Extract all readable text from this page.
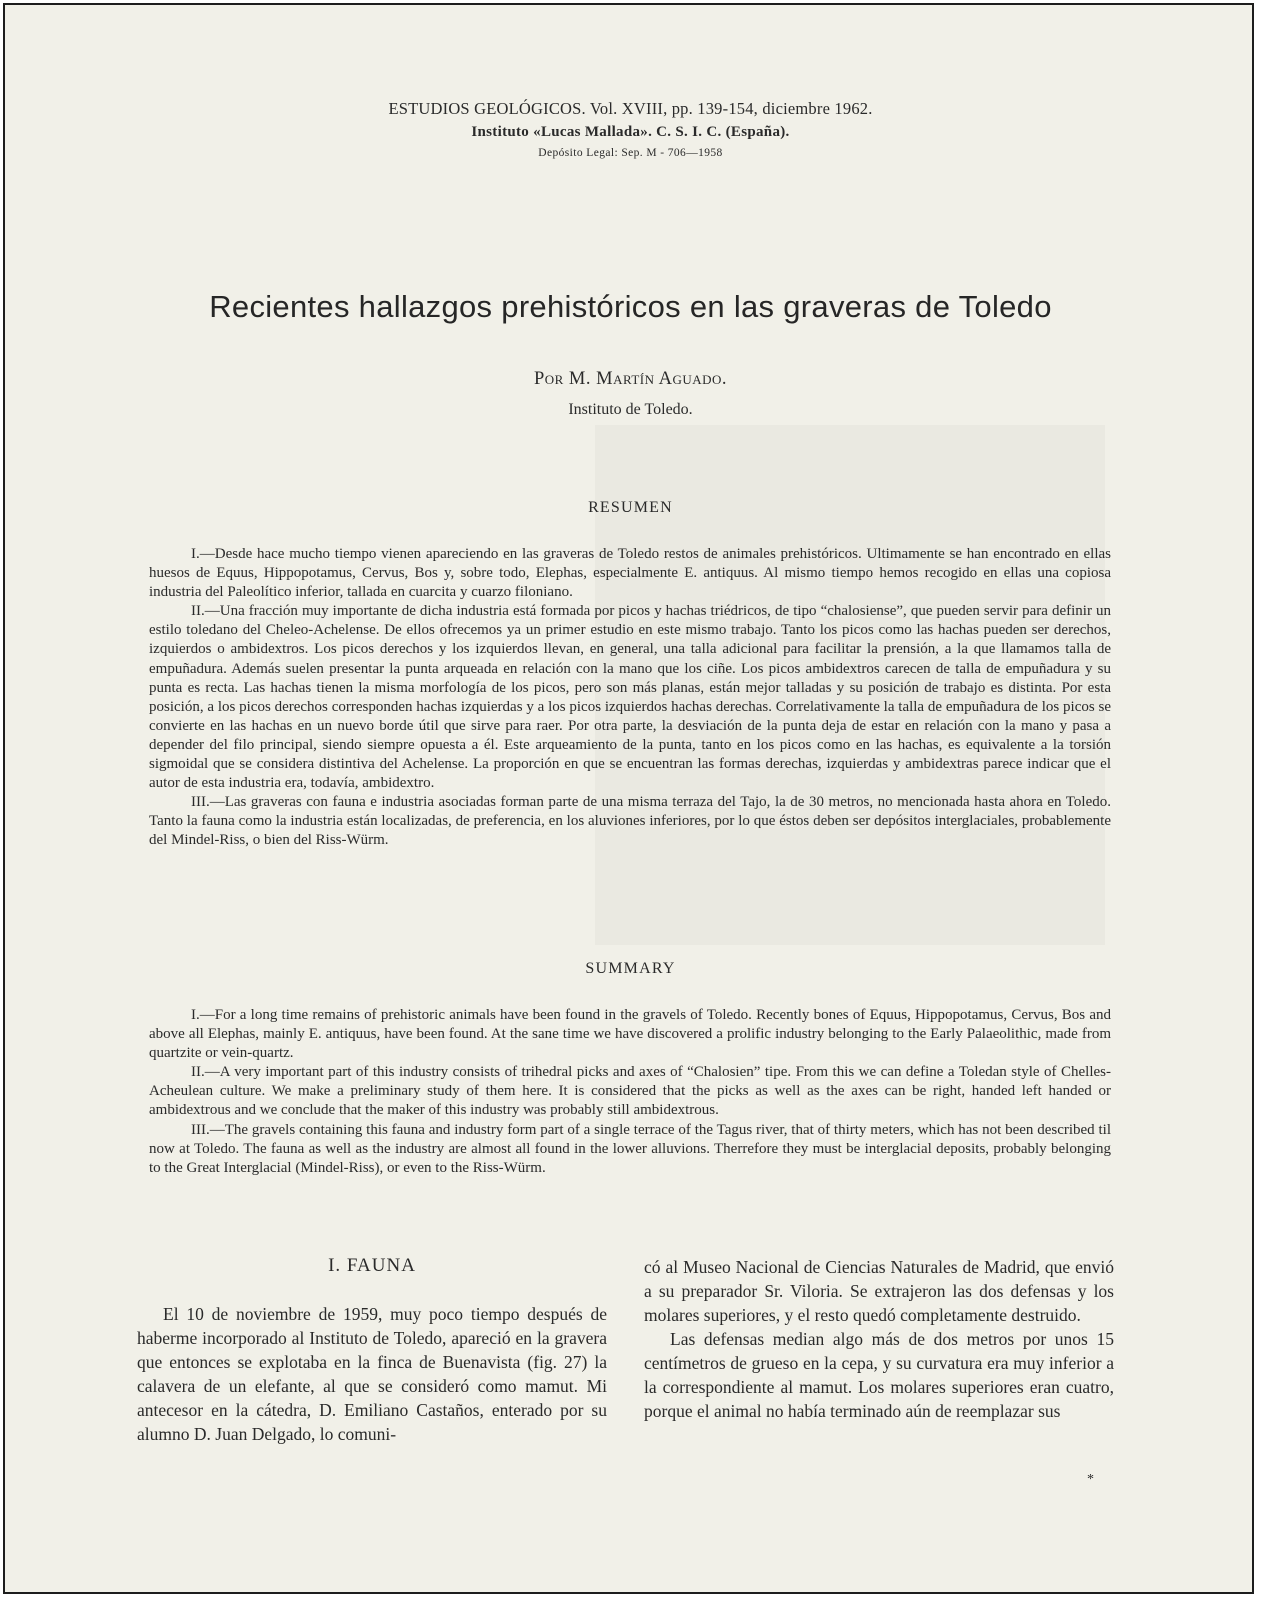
ESTUDIOS GEOLÓGICOS. Vol. XVIII, pp. 139-154, diciembre 1962.
Instituto «Lucas Mallada». C. S. I. C. (España).
Depósito Legal: Sep. M - 706—1958
Recientes hallazgos prehistóricos en las graveras de Toledo
Por M. Martín Aguado.
Instituto de Toledo.
RESUMEN

I.—Desde hace mucho tiempo vienen apareciendo en las graveras de Toledo restos de animales prehistóricos. Ultimamente se han encontrado en ellas huesos de Equus, Hippopotamus, Cervus, Bos y, sobre todo, Elephas, especialmente E. antiquus. Al mismo tiempo hemos recogido en ellas una copiosa industria del Paleolítico inferior, tallada en cuarcita y cuarzo filoniano.

II.—Una fracción muy importante de dicha industria está formada por picos y hachas triédricos, de tipo “chalosiense”, que pueden servir para definir un estilo toledano del Cheleo-Achelense. De ellos ofrecemos ya un primer estudio en este mismo trabajo. Tanto los picos como las hachas pueden ser derechos, izquierdos o ambidextros. Los picos derechos y los izquierdos llevan, en general, una talla adicional para facilitar la prensión, a la que llamamos talla de empuñadura. Además suelen presentar la punta arqueada en relación con la mano que los ciñe. Los picos ambidextros carecen de talla de empuñadura y su punta es recta. Las hachas tienen la misma morfología de los picos, pero son más planas, están mejor talladas y su posición de trabajo es distinta. Por esta posición, a los picos derechos corresponden hachas izquierdas y a los picos izquierdos hachas derechas. Correlativamente la talla de empuñadura de los picos se convierte en las hachas en un nuevo borde útil que sirve para raer. Por otra parte, la desviación de la punta deja de estar en relación con la mano y pasa a depender del filo principal, siendo siempre opuesta a él. Este arqueamiento de la punta, tanto en los picos como en las hachas, es equivalente a la torsión sigmoidal que se considera distintiva del Achelense. La proporción en que se encuentran las formas derechas, izquierdas y ambidextras parece indicar que el autor de esta industria era, todavía, ambidextro.

III.—Las graveras con fauna e industria asociadas forman parte de una misma terraza del Tajo, la de 30 metros, no mencionada hasta ahora en Toledo. Tanto la fauna como la industria están localizadas, de preferencia, en los aluviones inferiores, por lo que éstos deben ser depósitos interglaciales, probablemente del Mindel-Riss, o bien del Riss-Würm.

SUMMARY

I.—For a long time remains of prehistoric animals have been found in the gravels of Toledo. Recently bones of Equus, Hippopotamus, Cervus, Bos and above all Elephas, mainly E. antiquus, have been found. At the sane time we have discovered a prolific industry belonging to the Early Palaeolithic, made from quartzite or vein-quartz.

II.—A very important part of this industry consists of trihedral picks and axes of “Chalosien” tipe. From this we can define a Toledan style of Chelles-Acheulean culture. We make a preliminary study of them here. It is considered that the picks as well as the axes can be right, handed left handed or ambidextrous and we conclude that the maker of this industry was probably still ambidextrous.

III.—The gravels containing this fauna and industry form part of a single terrace of the Tagus river, that of thirty meters, which has not been described til now at Toledo. The fauna as well as the industry are almost all found in the lower alluvions. Therrefore they must be interglacial deposits, probably belonging to the Great Interglacial (Mindel-Riss), or even to the Riss-Würm.

I. FAUNA

El 10 de noviembre de 1959, muy poco tiempo después de haberme incorporado al Instituto de Toledo, apareció en la gravera que entonces se explotaba en la finca de Buenavista (fig. 27) la calavera de un elefante, al que se consideró como mamut. Mi antecesor en la cátedra, D. Emiliano Castaños, enterado por su alumno D. Juan Delgado, lo comuni-

có al Museo Nacional de Ciencias Naturales de Madrid, que envió a su preparador Sr. Viloria. Se extrajeron las dos defensas y los molares superiores, y el resto quedó completamente destruido.

Las defensas median algo más de dos metros por unos 15 centímetros de grueso en la cepa, y su curvatura era muy inferior a la correspondiente al mamut. Los molares superiores eran cuatro, porque el animal no había terminado aún de reemplazar sus

*
